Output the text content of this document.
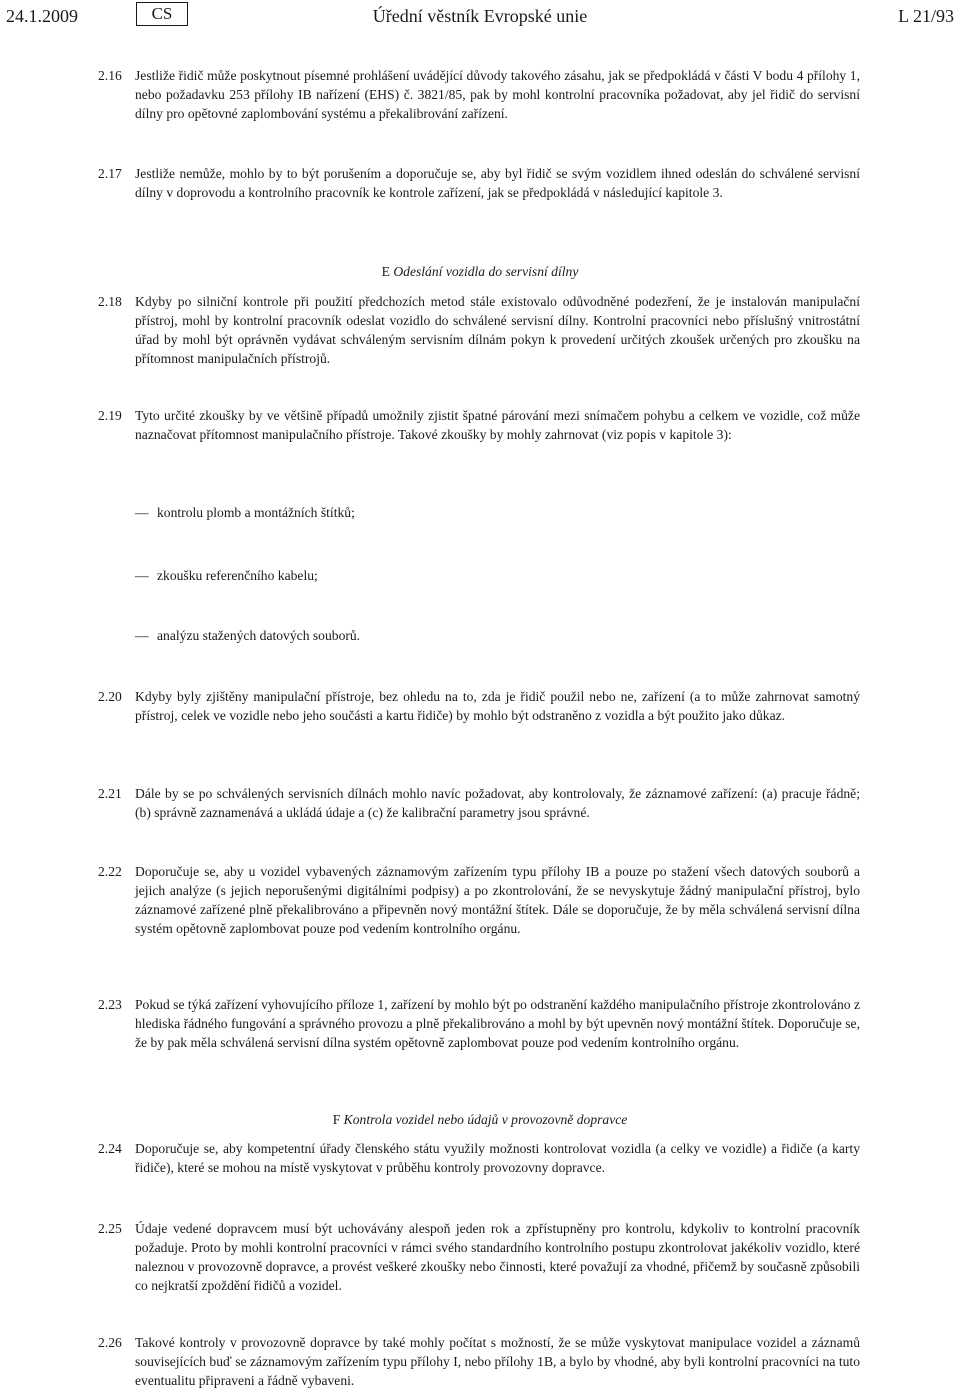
24.1.2009	CS	Úřední věstník Evropské unie	L 21/93
2.16 Jestliže řidič může poskytnout písemné prohlášení uvádějící důvody takového zásahu, jak se předpokládá v části V bodu 4 přílohy 1, nebo požadavku 253 přílohy IB nařízení (EHS) č. 3821/85, pak by mohl kontrolní pracovníka požadovat, aby jel řidič do servisní dílny pro opětovné zaplombování systému a překalibrování zařízení.
2.17 Jestliže nemůže, mohlo by to být porušením a doporučuje se, aby byl řidič se svým vozidlem ihned odeslán do schválené servisní dílny v doprovodu a kontrolního pracovník ke kontrole zařízení, jak se předpokládá v následující kapitole 3.
E Odeslání vozidla do servisní dílny
2.18 Kdyby po silniční kontrole při použití předchozích metod stále existovalo odůvodněné podezření, že je instalován manipulační přístroj, mohl by kontrolní pracovník odeslat vozidlo do schválené servisní dílny. Kontrolní pracovníci nebo příslušný vnitrostátní úřad by mohl být oprávněn vydávat schváleným servisním dílnám pokyn k provedení určitých zkoušek určených pro zkoušku na přítomnost manipulačních přístrojů.
2.19 Tyto určité zkoušky by ve většině případů umožnily zjistit špatné párování mezi snímačem pohybu a celkem ve vozidle, což může naznačovat přítomnost manipulačního přístroje. Takové zkoušky by mohly zahrnovat (viz popis v kapitole 3):
— kontrolu plomb a montážních štítků;
— zkoušku referenčního kabelu;
— analýzu stažených datových souborů.
2.20 Kdyby byly zjištěny manipulační přístroje, bez ohledu na to, zda je řidič použil nebo ne, zařízení (a to může zahrnovat samotný přístroj, celek ve vozidle nebo jeho součásti a kartu řidiče) by mohlo být odstraněno z vozidla a být použito jako důkaz.
2.21 Dále by se po schválených servisních dílnách mohlo navíc požadovat, aby kontrolovaly, že záznamové zařízení: (a) pracuje řádně; (b) správně zaznamenává a ukládá údaje a (c) že kalibrační parametry jsou správné.
2.22 Doporučuje se, aby u vozidel vybavených záznamovým zařízením typu přílohy IB a pouze po stažení všech datových souborů a jejich analýze (s jejich neporušenými digitálními podpisy) a po zkontrolování, že se nevyskytuje žádný manipulační přístroj, bylo záznamové zařízené plně překalibrováno a připevněn nový montážní štítek. Dále se doporučuje, že by měla schválená servisní dílna systém opětovně zaplombovat pouze pod vedením kontrolního orgánu.
2.23 Pokud se týká zařízení vyhovujícího příloze 1, zařízení by mohlo být po odstranění každého manipulačního přístroje zkontrolováno z hlediska řádného fungování a správného provozu a plně překalibrováno a mohl by být upevněn nový montážní štítek. Doporučuje se, že by pak měla schválená servisní dílna systém opětovně zaplombovat pouze pod vedením kontrolního orgánu.
F Kontrola vozidel nebo údajů v provozovně dopravce
2.24 Doporučuje se, aby kompetentní úřady členského státu využily možnosti kontrolovat vozidla (a celky ve vozidle) a řidiče (a karty řidiče), které se mohou na místě vyskytovat v průběhu kontroly provozovny dopravce.
2.25 Údaje vedené dopravcem musí být uchovávány alespoň jeden rok a zpřístupněny pro kontrolu, kdykoliv to kontrolní pracovník požaduje. Proto by mohli kontrolní pracovníci v rámci svého standardního kontrolního postupu zkontrolovat jakékoliv vozidlo, které naleznou v provozovně dopravce, a provést veškeré zkoušky nebo činnosti, které považují za vhodné, přičemž by současně způsobili co nejkratší zpoždění řidičů a vozidel.
2.26 Takové kontroly v provozovně dopravce by také mohly počítat s možností, že se může vyskytovat manipulace vozidel a záznamů souvisejících buď se záznamovým zařízením typu přílohy I, nebo přílohy 1B, a bylo by vhodné, aby byli kontrolní pracovníci na tuto eventualitu připraveni a řádně vybaveni.
